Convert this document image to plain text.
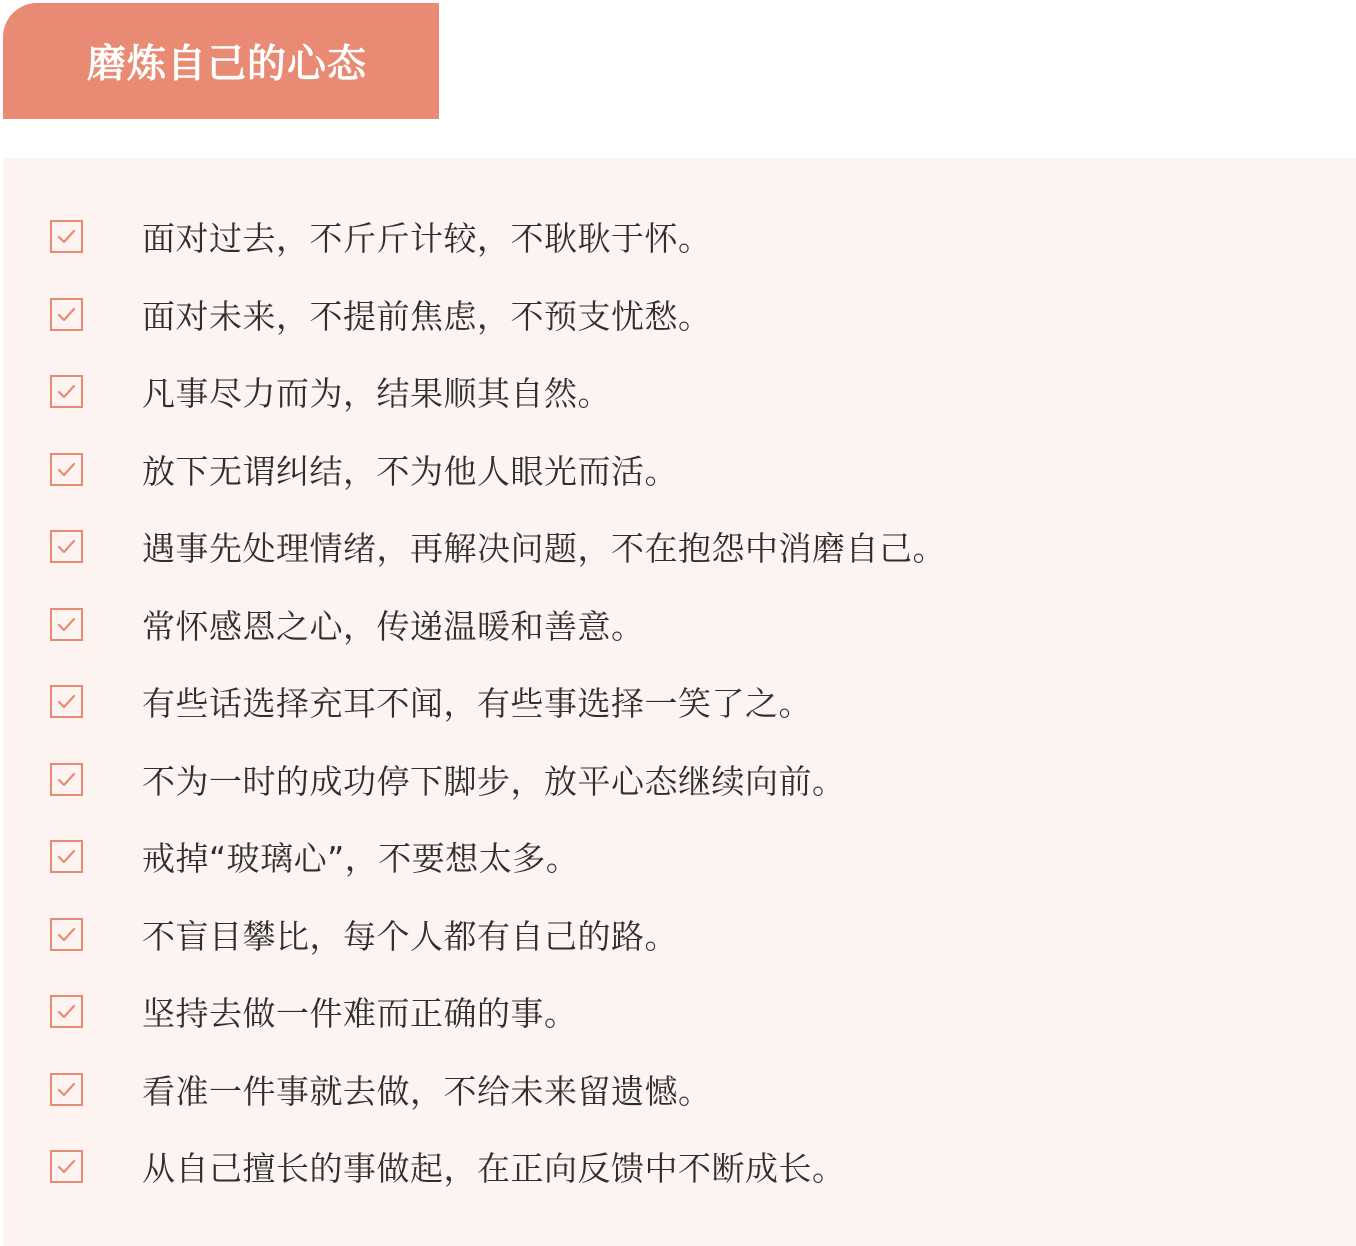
磨炼自己的心态
面对过去，不斤斤计较，不耿耿于怀。
面对未来，不提前焦虑，不预支忧愁。
凡事尽力而为，结果顺其自然。
放下无谓纠结，不为他人眼光而活。
遇事先处理情绪，再解决问题，不在抱怨中消磨自己。
常怀感恩之心，传递温暖和善意。
有些话选择充耳不闻，有些事选择一笑了之。
不为一时的成功停下脚步，放平心态继续向前。
戒掉“玻璃心”，不要想太多。
不盲目攀比，每个人都有自己的路。
坚持去做一件难而正确的事。
看准一件事就去做，不给未来留遗憾。
从自己擅长的事做起，在正向反馈中不断成长。
